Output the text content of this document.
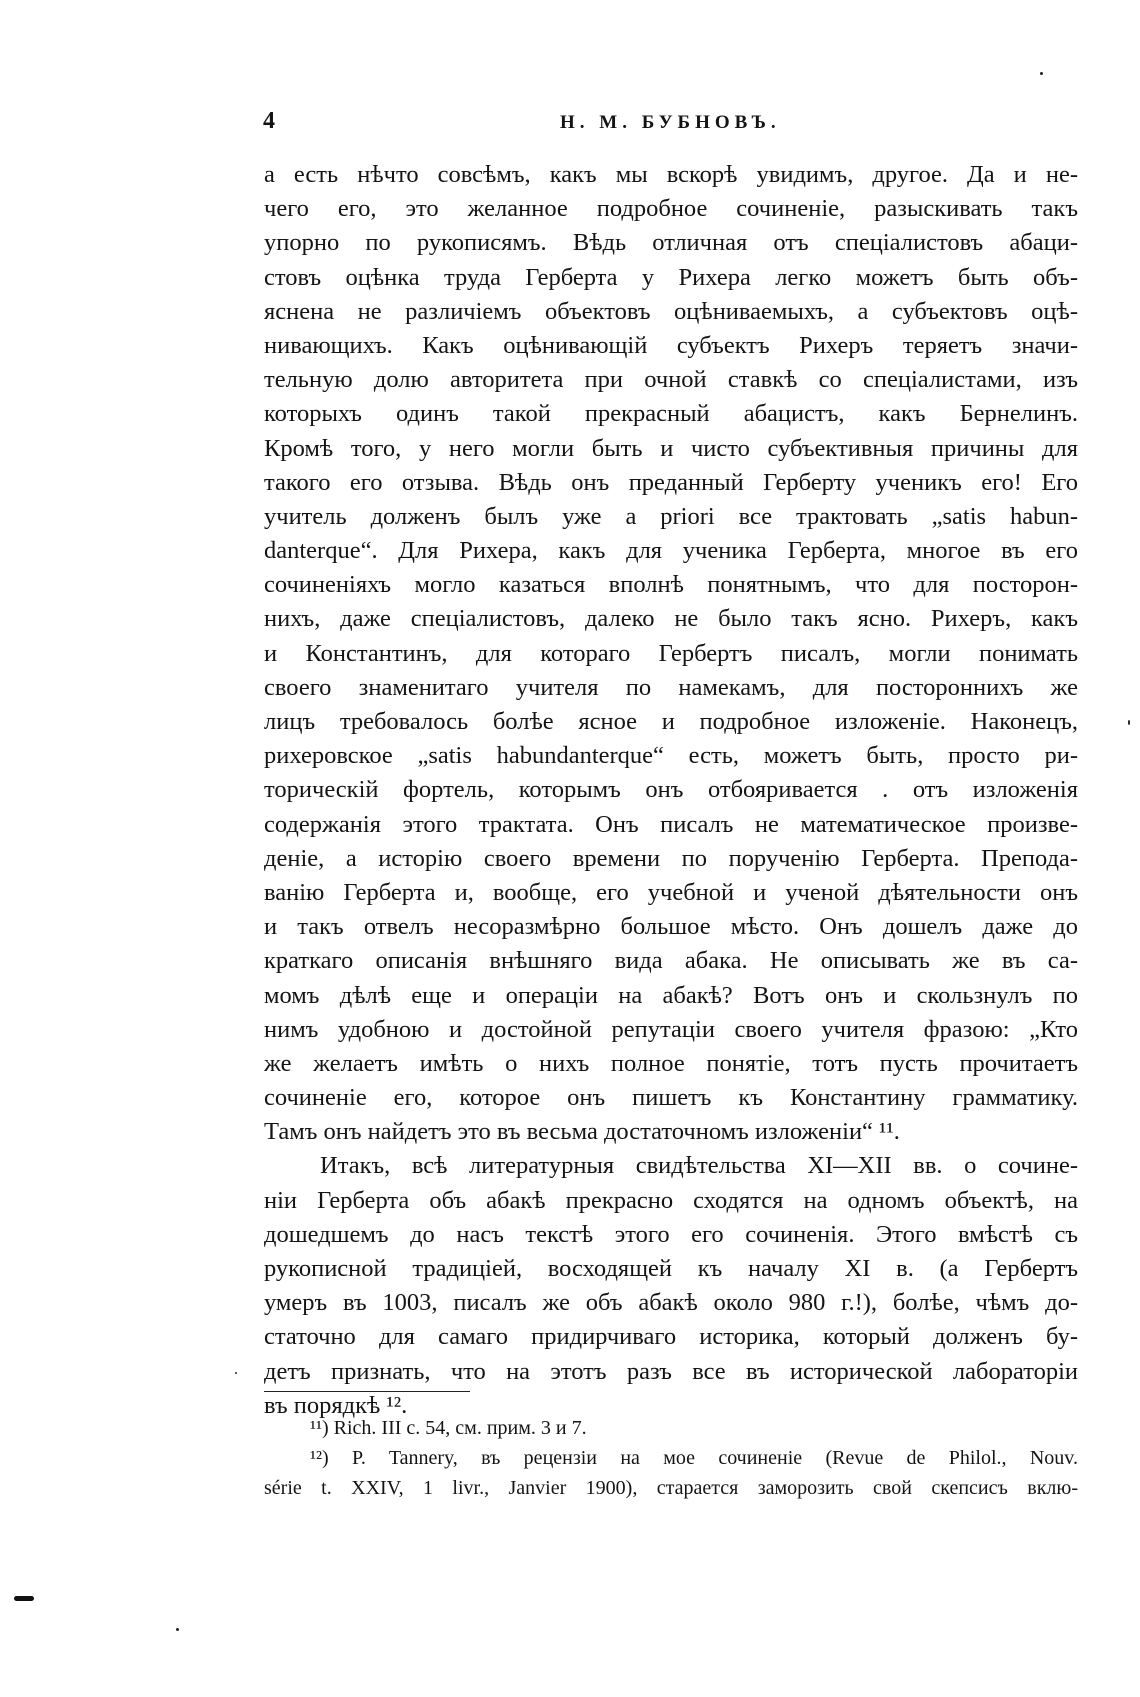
4	Н. М. БУБНОВЪ.
а есть нѣчто совсѣмъ, какъ мы вскорѣ увидимъ, другое. Да и не-
чего его, это желанное подробное сочиненіе, разыскивать такъ
упорно по рукописямъ. Вѣдь отличная отъ спеціалистовъ абаци-
стовъ оцѣнка труда Герберта у Рихера легко можетъ быть объ-
яснена не различіемъ объектовъ оцѣниваемыхъ, а субъектовъ оцѣ-
нивающихъ. Какъ оцѣнивающій субъектъ Рихеръ теряетъ значи-
тельную долю авторитета при очной ставкѣ со спеціалистами, изъ
которыхъ одинъ такой прекрасный абацистъ, какъ Бернелинъ.
Кромѣ того, у него могли быть и чисто субъективныя причины для
такого его отзыва. Вѣдь онъ преданный Герберту ученикъ его! Его
учитель долженъ былъ уже a priori все трактовать „satis habun-
danterque“. Для Рихера, какъ для ученика Герберта, многое въ его
сочиненіяхъ могло казаться вполнѣ понятнымъ, что для посторон-
нихъ, даже спеціалистовъ, далеко не было такъ ясно. Рихеръ, какъ
и Константинъ, для котораго Гербертъ писалъ, могли понимать
своего знаменитаго учителя по намекамъ, для постороннихъ же
лицъ требовалось болѣе ясное и подробное изложеніе. Наконецъ,
рихеровское „satis habundanterque“ есть, можетъ быть, просто ри-
торическій фортель, которымъ онъ отбояривается . отъ изложенія
содержанія этого трактата. Онъ писалъ не математическое произве-
деніе, а исторію своего времени по порученію Герберта. Препода-
ванію Герберта и, вообще, его учебной и ученой дѣятельности онъ
и такъ отвелъ несоразмѣрно большое мѣсто. Онъ дошелъ даже до
краткаго описанія внѣшняго вида абака. Не описывать же въ са-
момъ дѣлѣ еще и операціи на абакѣ? Вотъ онъ и скользнулъ по
нимъ удобною и достойной репутаціи своего учителя фразою: „Кто
же желаетъ имѣть о нихъ полное понятіе, тотъ пусть прочитаетъ
сочиненіе его, которое онъ пишетъ къ Константину грамматику.
Тамъ онъ найдетъ это въ весьма достаточномъ изложеніи“ ¹¹.
Итакъ, всѣ литературныя свидѣтельства XI—XII вв. о сочине-
ніи Герберта объ абакѣ прекрасно сходятся на одномъ объектѣ, на
дошедшемъ до насъ текстѣ этого его сочиненія. Этого вмѣстѣ съ
рукописной традиціей, восходящей къ началу XI в. (а Гербертъ
умеръ въ 1003, писалъ же объ абакѣ около 980 г.!), болѣе, чѣмъ до-
статочно для самаго придирчиваго историка, который долженъ бу-
детъ признать, что на этотъ разъ все въ исторической лабораторіи
въ порядкѣ ¹².
¹¹) Rich. III c. 54, см. прим. 3 и 7.
¹²) P. Tannery, въ рецензіи на мое сочиненіе (Revue de Philol., Nouv.
série t. XXIV, 1 livr., Janvier 1900), старается заморозить свой скепсисъ вклю-
